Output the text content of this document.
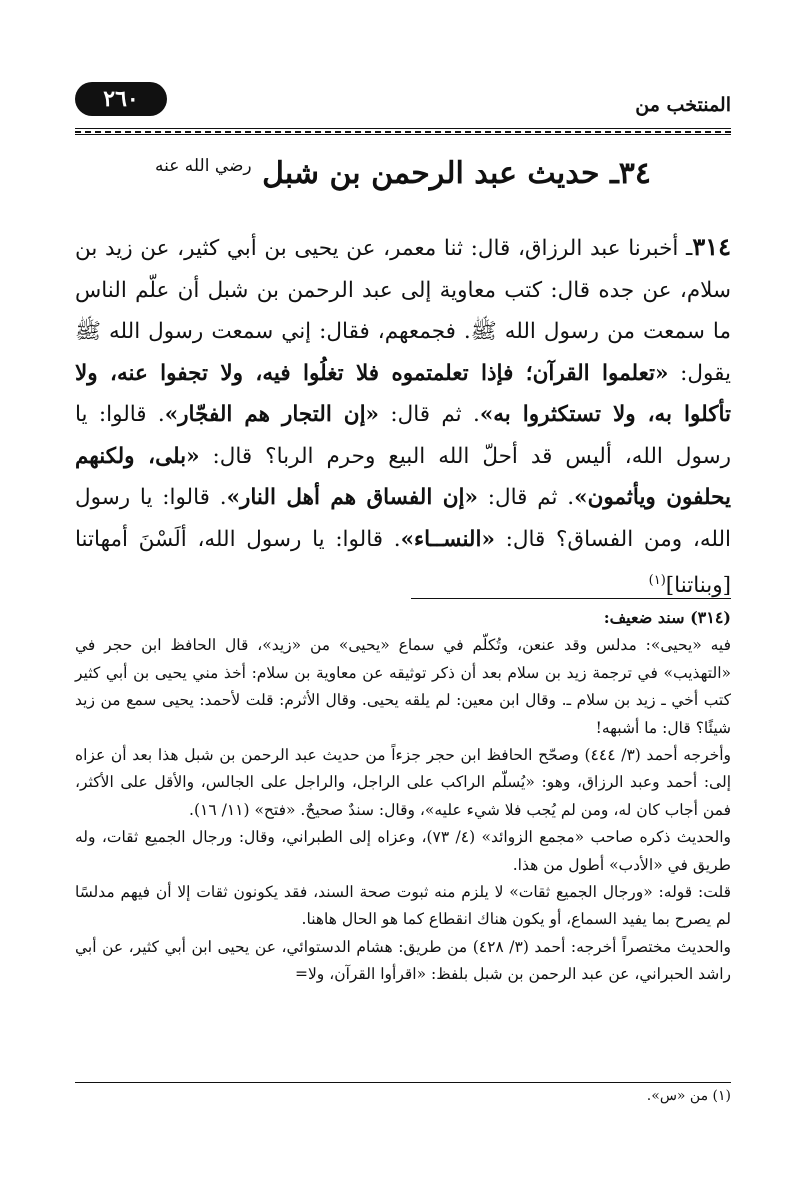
المنتخب من
٢٦٠
٣٤ـ حديث عبد الرحمن بن شبل $^{رضي الله عنه}$
٣١٤ـ أخبرنا عبد الرزاق، قال: ثنا معمر، عن يحيى بن أبي كثير، عن زيد بن سلام، عن جده قال: كتب معاوية إلى عبد الرحمن بن شبل أن علّم الناس ما سمعت من رسول الله ﷺ. فجمعهم، فقال: إني سمعت رسول الله ﷺ يقول: «تعلموا القرآن؛ فإذا تعلمتموه فلا تغلُوا فيه، ولا تجفوا عنه، ولا تأكلوا به، ولا تستكثروا به». ثم قال: «إن التجار هم الفجّار». قالوا: يا رسول الله، أليس قد أحلّ الله البيع وحرم الربا؟ قال: «بلى، ولكنهم يحلفون ويأثمون». ثم قال: «إن الفساق هم أهل النار». قالوا: يا رسول الله، ومن الفساق؟ قال: «النســاء». قالوا: يا رسول الله، ألَسْنَ أمهاتنا [وبناتنا]$^{(١)}$

(٣١٤) سند ضعيف:

فيه «يحيى»: مدلس وقد عنعن، وتُكلّم في سماع «يحيى» من «زيد»، قال الحافظ ابن حجر في «التهذيب» في ترجمة زيد بن سلام بعد أن ذكر توثيقه عن معاوية بن سلام: أخذ مني يحيى بن أبي كثير كتب أخي ـ زيد بن سلام ـ. وقال ابن معين: لم يلقه يحيى. وقال الأثرم: قلت لأحمد: يحيى سمع من زيد شيئًا؟ قال: ما أشبهه!

وأخرجه أحمد (٣/ ٤٤٤) وصحّح الحافظ ابن حجر جزءاً من حديث عبد الرحمن بن شبل هذا بعد أن عزاه إلى: أحمد وعبد الرزاق، وهو: «يُسلّم الراكب على الراجل، والراجل على الجالس، والأقل على الأكثر، فمن أجاب كان له، ومن لم يُجب فلا شيء عليه»، وقال: سندٌ صحيحٌ. «فتح» (١١/ ١٦).

والحديث ذكره صاحب «مجمع الزوائد» (٤/ ٧٣)، وعزاه إلى الطبراني، وقال: ورجال الجميع ثقات، وله طريق في «الأدب» أطول من هذا.

قلت: قوله: «ورجال الجميع ثقات» لا يلزم منه ثبوت صحة السند، فقد يكونون ثقات إلا أن فيهم مدلسًا لم يصرح بما يفيد السماع، أو يكون هناك انقطاع كما هو الحال هاهنا.

والحديث مختصراً أخرجه: أحمد (٣/ ٤٢٨) من طريق: هشام الدستوائي، عن يحيى ابن أبي كثير، عن أبي راشد الحبراني، عن عبد الرحمن بن شبل بلفظ: «اقرأوا القرآن، ولا=

(١) من «س».
